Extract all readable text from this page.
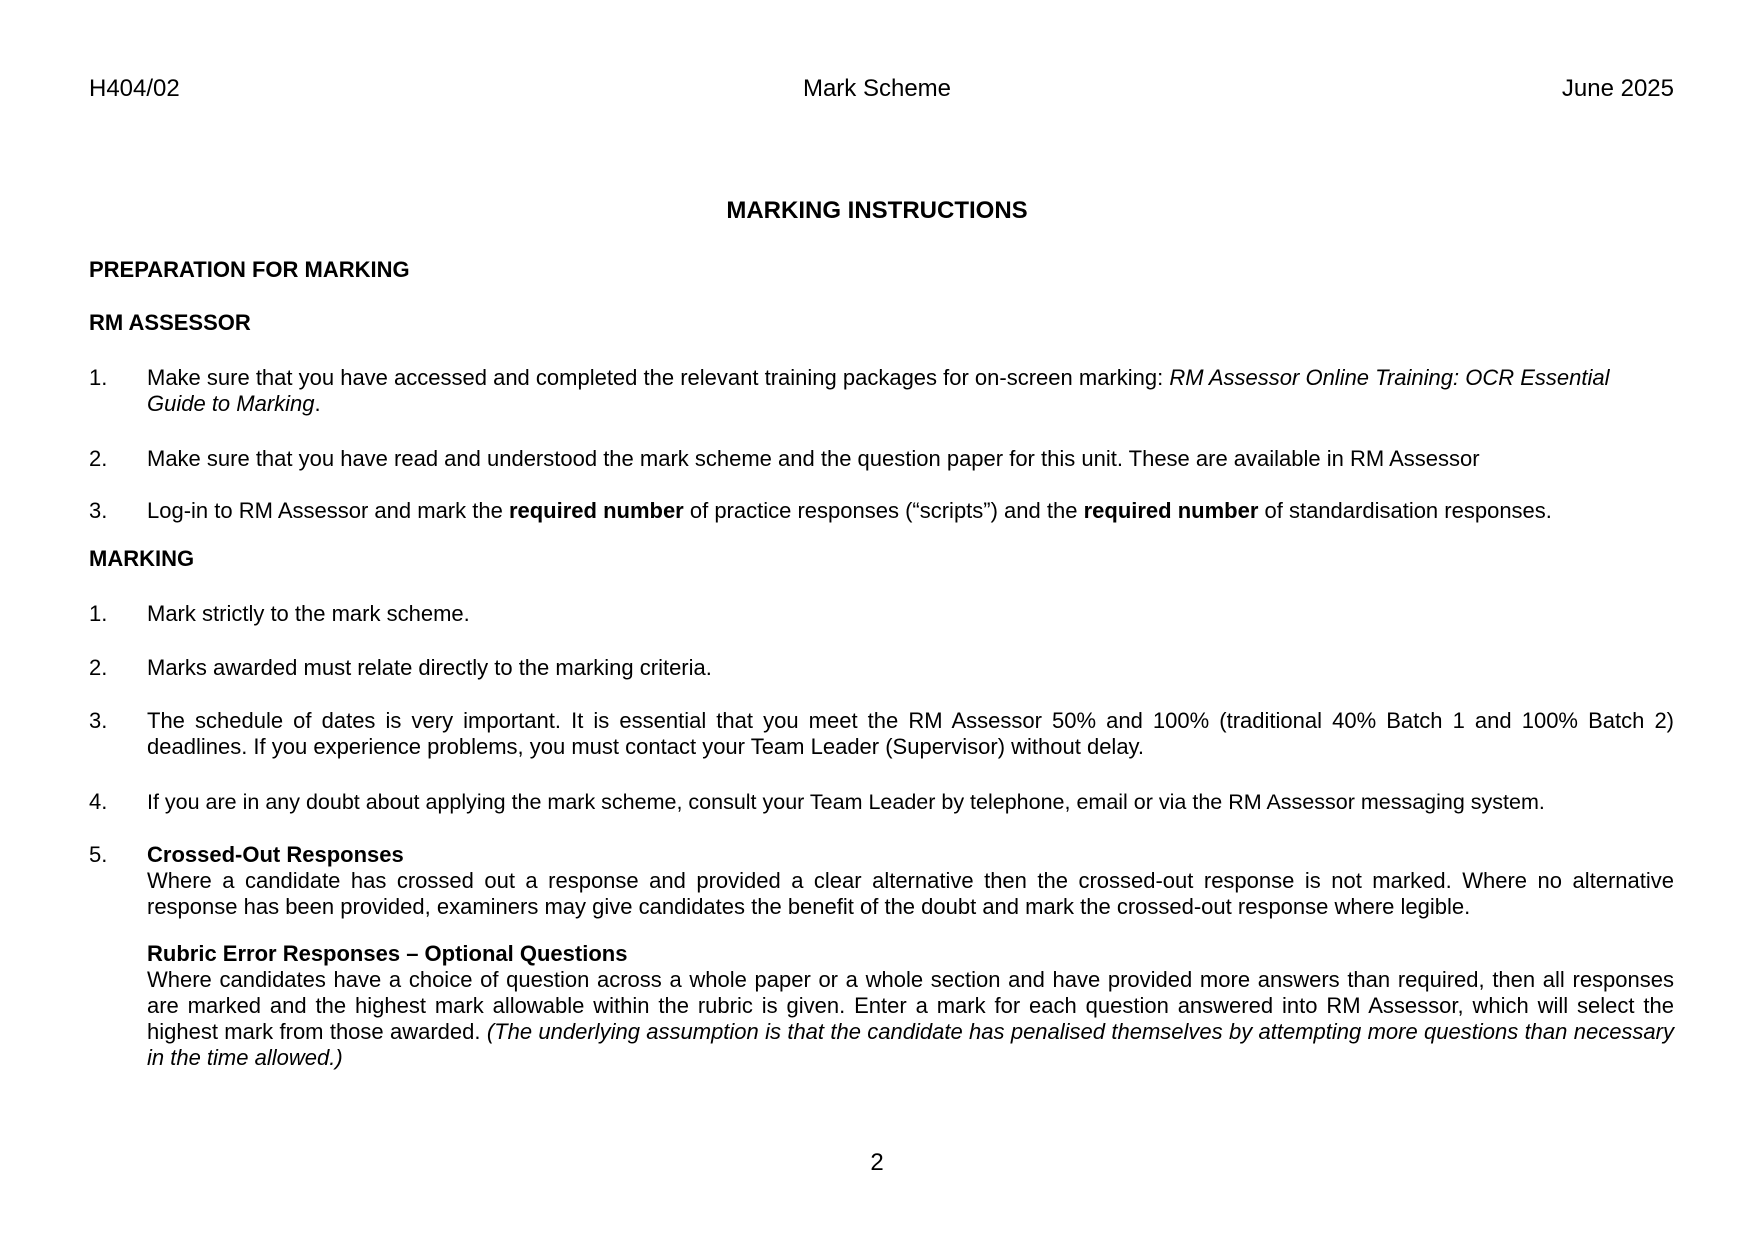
H404/02	Mark Scheme	June 2025
MARKING INSTRUCTIONS
PREPARATION FOR MARKING
RM ASSESSOR
1. Make sure that you have accessed and completed the relevant training packages for on-screen marking: RM Assessor Online Training: OCR Essential Guide to Marking.
2. Make sure that you have read and understood the mark scheme and the question paper for this unit. These are available in RM Assessor
3. Log-in to RM Assessor and mark the required number of practice responses (“scripts”) and the required number of standardisation responses.
MARKING
1. Mark strictly to the mark scheme.
2. Marks awarded must relate directly to the marking criteria.
3. The schedule of dates is very important. It is essential that you meet the RM Assessor 50% and 100% (traditional 40% Batch 1 and 100% Batch 2) deadlines. If you experience problems, you must contact your Team Leader (Supervisor) without delay.
4. If you are in any doubt about applying the mark scheme, consult your Team Leader by telephone, email or via the RM Assessor messaging system.
5. Crossed-Out Responses
Where a candidate has crossed out a response and provided a clear alternative then the crossed-out response is not marked. Where no alternative response has been provided, examiners may give candidates the benefit of the doubt and mark the crossed-out response where legible.
Rubric Error Responses – Optional Questions
Where candidates have a choice of question across a whole paper or a whole section and have provided more answers than required, then all responses are marked and the highest mark allowable within the rubric is given. Enter a mark for each question answered into RM Assessor, which will select the highest mark from those awarded. (The underlying assumption is that the candidate has penalised themselves by attempting more questions than necessary in the time allowed.)
2
